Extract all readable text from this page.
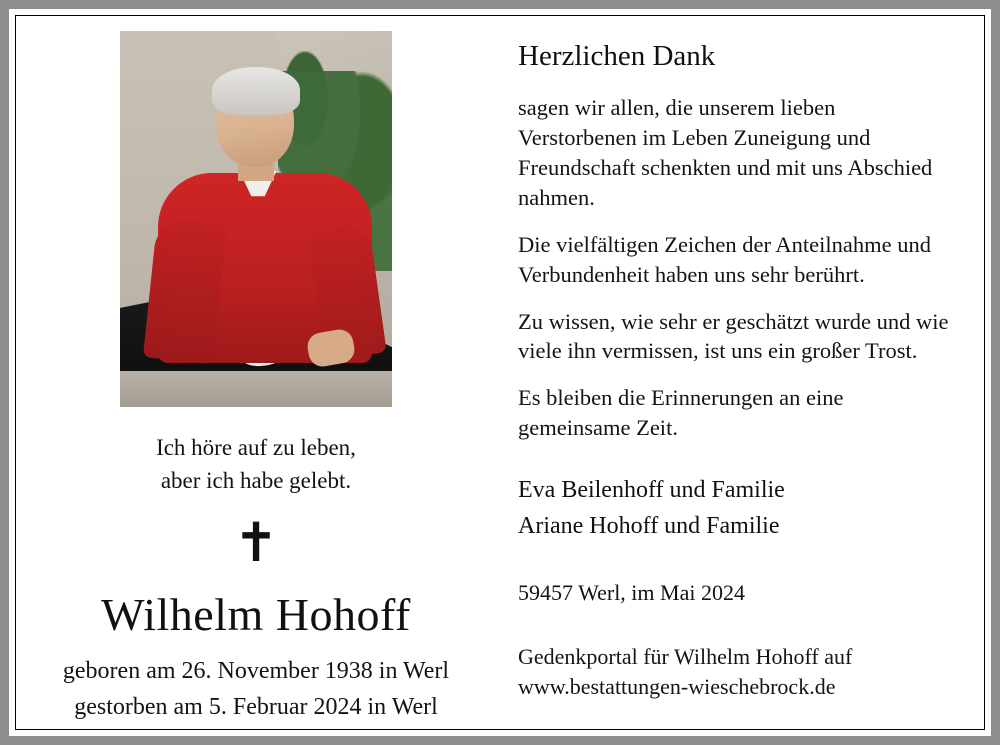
Ich höre auf zu leben,
aber ich habe gelebt.
✝
Wilhelm Hohoff
geboren am 26. November 1938 in Werl
gestorben am 5. Februar 2024 in Werl
Herzlichen Dank
sagen wir allen, die unserem lieben Verstorbenen im Leben Zuneigung und Freundschaft schenkten und mit uns Abschied nahmen.
Die vielfältigen Zeichen der Anteilnahme und Verbundenheit haben uns sehr berührt.
Zu wissen, wie sehr er geschätzt wurde und wie viele ihn vermissen, ist uns ein großer Trost.
Es bleiben die Erinnerungen an eine gemeinsame Zeit.
Eva Beilenhoff und Familie
Ariane Hohoff und Familie
59457 Werl, im Mai 2024
Gedenkportal für Wilhelm Hohoff auf
www.bestattungen-wieschebrock.de
